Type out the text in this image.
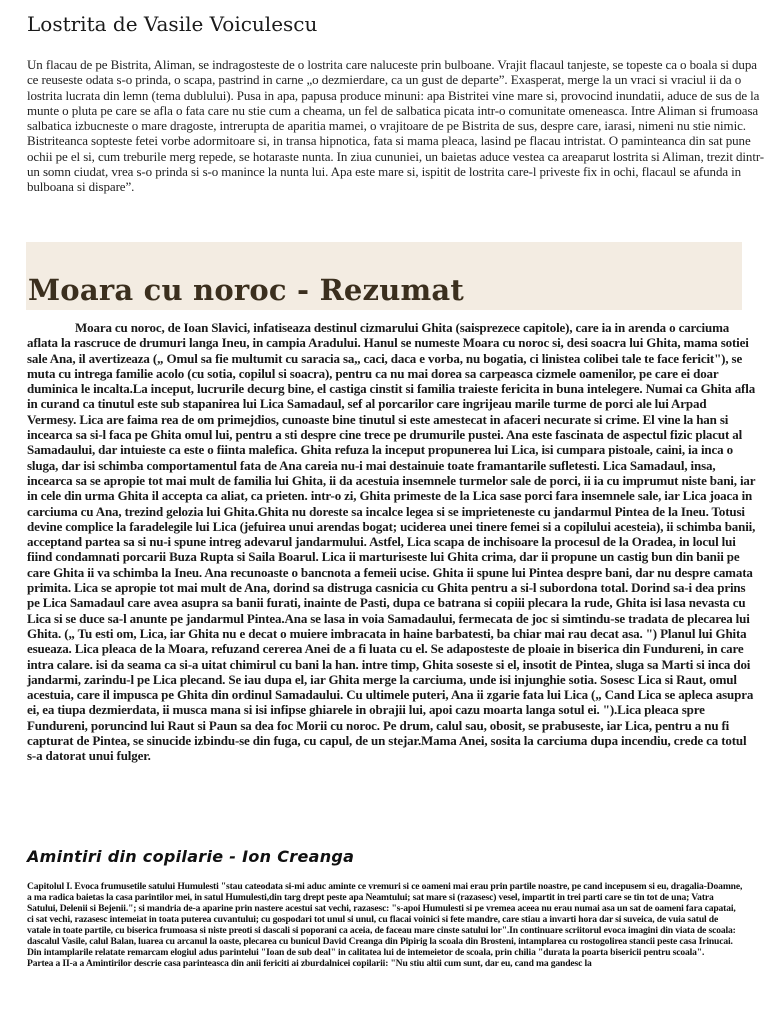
Lostrita de Vasile Voiculescu

Un flacau de pe Bistrita, Aliman, se indragosteste de o lostrita care naluceste prin bulboane. Vrajit flacaul tanjeste, se topeste ca o boala si dupa ce reuseste odata s-o prinda, o scapa, pastrind in carne „o dezmierdare, ca un gust de departe”. Exasperat, merge la un vraci si vraciul ii da o lostrita lucrata din lemn (tema dublului). Pusa in apa, papusa produce minuni: apa Bistritei vine mare si, provocind inundatii, aduce de sus de la munte o pluta pe care se afla o fata care nu stie cum a cheama, un fel de salbatica picata intr-o comunitate omeneasca. Intre Aliman si frumoasa salbatica izbucneste o mare dragoste, intrerupta de aparitia mamei, o vrajitoare de pe Bistrita de sus, despre care, iarasi, nimeni nu stie nimic. Bistriteanca sopteste fetei vorbe adormitoare si, in transa hipnotica, fata si mama pleaca, lasind pe flacau intristat. O paminteanca din sat pune ochii pe el si, cum treburile merg repede, se hotaraste nunta. In ziua cununiei, un baietas aduce vestea ca areaparut lostrita si Aliman, trezit dintr-un somn ciudat, vrea s-o prinda si s-o manince la nunta lui. Apa este mare si, ispitit de lostrita care-l priveste fix in ochi, flacaul se afunda in bulboana si dispare”.

Moara cu noroc - Rezumat

Moara cu noroc, de Ioan Slavici, infatiseaza destinul cizmarului Ghita (saisprezece capitole), care ia in arenda o carciuma aflata la rascruce de drumuri langa Ineu, in campia Aradului. Hanul se numeste Moara cu noroc si, desi soacra lui Ghita, mama sotiei sale Ana, il avertizeaza („ Omul sa fie multumit cu saracia sa,, caci, daca e vorba, nu bogatia, ci linistea colibei tale te face fericit"), se muta cu intrega familie acolo (cu sotia, copilul si soacra), pentru ca nu mai dorea sa carpeasca cizmele oamenilor, pe care ei doar duminica le incalta.La inceput, lucrurile decurg bine, el castiga cinstit si familia traieste fericita in buna intelegere. Numai ca Ghita afla in curand ca tinutul este sub stapanirea lui Lica Samadaul, sef al porcarilor care ingrijeau marile turme de porci ale lui Arpad Vermesy. Lica are faima rea de om primejdios, cunoaste bine tinutul si este amestecat in afaceri necurate si crime. El vine la han si incearca sa si-l faca pe Ghita omul lui, pentru a sti despre cine trece pe drumurile pustei. Ana este fascinata de aspectul fizic placut al Samadaului, dar intuieste ca este o fiinta malefica. Ghita refuza la inceput propunerea lui Lica, isi cumpara pistoale, caini, ia inca o sluga, dar isi schimba comportamentul fata de Ana careia nu-i mai destainuie toate framantarile sufletesti. Lica Samadaul, insa, incearca sa se apropie tot mai mult de familia lui Ghita, ii da acestuia insemnele turmelor sale de porci, ii ia cu imprumut niste bani, iar in cele din urma Ghita il accepta ca aliat, ca prieten. intr-o zi, Ghita primeste de la Lica sase porci fara insemnele sale, iar Lica joaca in carciuma cu Ana, trezind gelozia lui Ghita.Ghita nu doreste sa incalce legea si se imprieteneste cu jandarmul Pintea de la Ineu. Totusi devine complice la faradelegile lui Lica (jefuirea unui arendas bogat; uciderea unei tinere femei si a copilului acesteia), ii schimba banii, acceptand partea sa si nu-i spune intreg adevarul jandarmului. Astfel, Lica scapa de inchisoare la procesul de la Oradea, in locul lui fiind condamnati porcarii Buza Rupta si Saila Boarul. Lica ii marturiseste lui Ghita crima, dar ii propune un castig bun din banii pe care Ghita ii va schimba la Ineu. Ana recunoaste o bancnota a femeii ucise. Ghita ii spune lui Pintea despre bani, dar nu despre camata primita. Lica se apropie tot mai mult de Ana, dorind sa distruga casnicia cu Ghita pentru a si-l subordona total. Dorind sa-i dea prins pe Lica Samadaul care avea asupra sa banii furati, inainte de Pasti, dupa ce batrana si copiii plecara la rude, Ghita isi lasa nevasta cu Lica si se duce sa-l anunte pe jandarmul Pintea.Ana se lasa in voia Samadaului, fermecata de joc si simtindu-se tradata de plecarea lui Ghita. („ Tu esti om, Lica, iar Ghita nu e decat o muiere imbracata in haine barbatesti, ba chiar mai rau decat asa. ") Planul lui Ghita esueaza. Lica pleaca de la Moara, refuzand cererea Anei de a fi luata cu el. Se adaposteste de ploaie in biserica din Fundureni, in care intra calare. isi da seama ca si-a uitat chimirul cu bani la han. intre timp, Ghita soseste si el, insotit de Pintea, sluga sa Marti si inca doi jandarmi, zarindu-l pe Lica plecand. Se iau dupa el, iar Ghita merge la carciuma, unde isi injunghie sotia. Sosesc Lica si Raut, omul acestuia, care il impusca pe Ghita din ordinul Samadaului. Cu ultimele puteri, Ana ii zgarie fata lui Lica („ Cand Lica se apleca asupra ei, ea tiupa dezmierdata, ii muscа mana si isi infipse ghiarele in obrajii lui, apoi cazu moarta langa sotul ei. ").Lica pleaca spre Fundureni, poruncind lui Raut si Paun sa dea foc Morii cu noroc. Pe drum, calul sau, obosit, se prabuseste, iar Lica, pentru a nu fi capturat de Pintea, se sinucide izbindu-se din fuga, cu capul, de un stejar.Mama Anei, sosita la carciuma dupa incendiu, crede ca totul s-a datorat unui fulger.

Amintiri din copilarie - Ion Creanga

Capitolul I. Evoca frumusetile satului Humulesti "stau cateodata si-mi aduc aminte ce vremuri si ce oameni mai erau prin partile noastre, pe cand incepusem si eu, dragalia-Doamne, a ma radica baietas la casa parintilor mei, in satul Humulesti,din targ drept peste apa Neamtului; sat mare si (razasesc) vesel, impartit in trei parti care se tin tot de una; Vatra Satului, Delenii si Bejenii."; si mandria de-a aparine prin nastere acestui sat vechi, razasesc: "s-apoi Humulesti si pe vremea aceea nu erau numai asa un sat de oameni fara capatai, ci sat vechi, razasesc intemeiat in toata puterea cuvantului; cu gospodari tot unul si unul, cu flacai voinici si fete mandre, care stiau a invarti hora dar si suveica, de vuia satul de vatale in toate partile, cu biserica frumoasa si niste preoti si dascali si poporani ca aceia, de faceau mare cinste satului lor".In continuare scriitorul evoca imagini din viata de scoala: dascalul Vasile, calul Balan, luarea cu arcanul la oaste, plecarea cu bunicul David Creanga din Pipirig la scoala din Brosteni, intamplarea cu rostogolirea stancii peste casa Irinucai. Din intamplarile relatate remarcam elogiul adus parintelui "Ioan de sub deal" in calitatea lui de intemeietor de scoala, prin chilia "durata la poarta bisericii pentru scoala".

Partea a II-a a Amintirilor descrie casa parinteasca din anii fericiti ai zburdalnicei copilarii: "Nu stiu altii cum sunt, dar eu, cand ma gandesc la
